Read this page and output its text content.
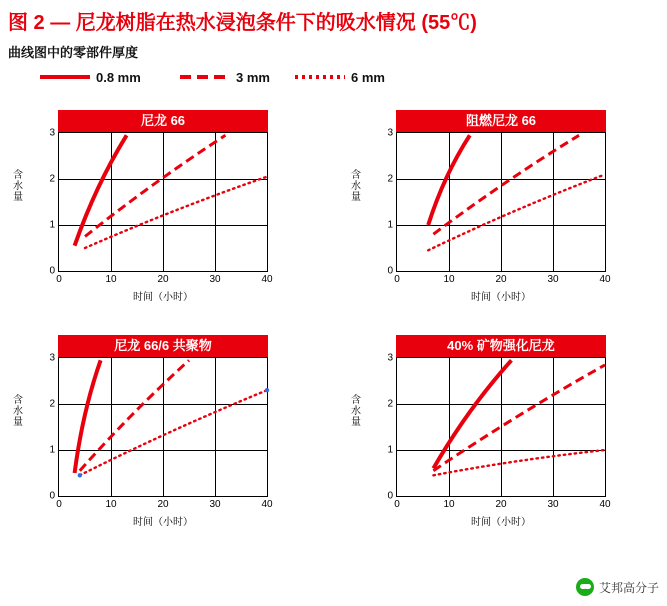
图 2 — 尼龙树脂在热水浸泡条件下的吸水情况 (55℃)
曲线图中的零部件厚度
0.8 mm	3 mm	6 mm
尼龙 66
含水量
0	10	20	30	40
0
1
2
3
时间（小时）
阻燃尼龙 66
含水量
0	10	20	30	40
0
1
2
3
时间（小时）
尼龙 66/6 共聚物
含水量
0	10	20	30	40
0
1
2
3
时间（小时）
40% 矿物强化尼龙
含水量
0	10	20	30	40
0
1
2
3
时间（小时）
艾邦高分子
